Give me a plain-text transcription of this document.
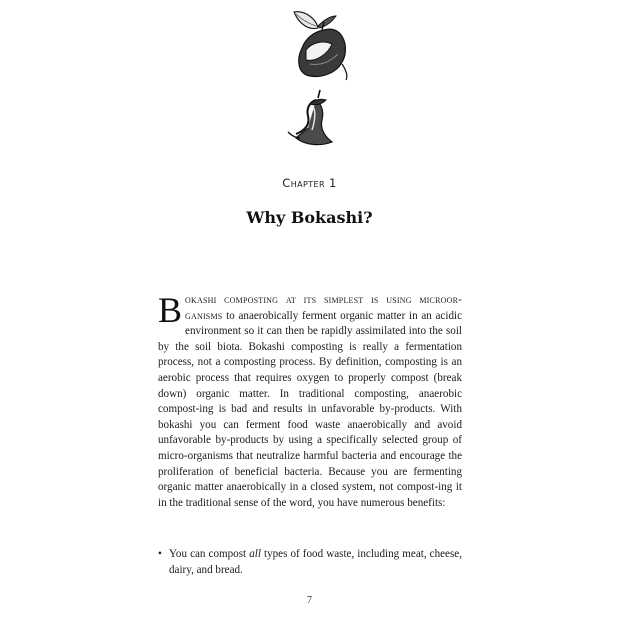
Chapter 1
Why Bokashi?

Bokashi composting at its simplest is using microor-ganisms to anaerobically ferment organic matter in an acidic environment so it can then be rapidly assimilated into the soil by the soil biota. Bokashi composting is really a fermentation process, not a composting process. By definition, composting is an aerobic process that requires oxygen to properly compost (break down) organic matter. In traditional composting, anaerobic compost-ing is bad and results in unfavorable by-products. With bokashi you can ferment food waste anaerobically and avoid unfavorable by-products by using a specifically selected group of micro-organisms that neutralize harmful bacteria and encourage the proliferation of beneficial bacteria. Because you are fermenting organic matter anaerobically in a closed system, not compost-ing it in the traditional sense of the word, you have numerous benefits:

• You can compost all types of food waste, including meat, cheese, dairy, and bread.
7
